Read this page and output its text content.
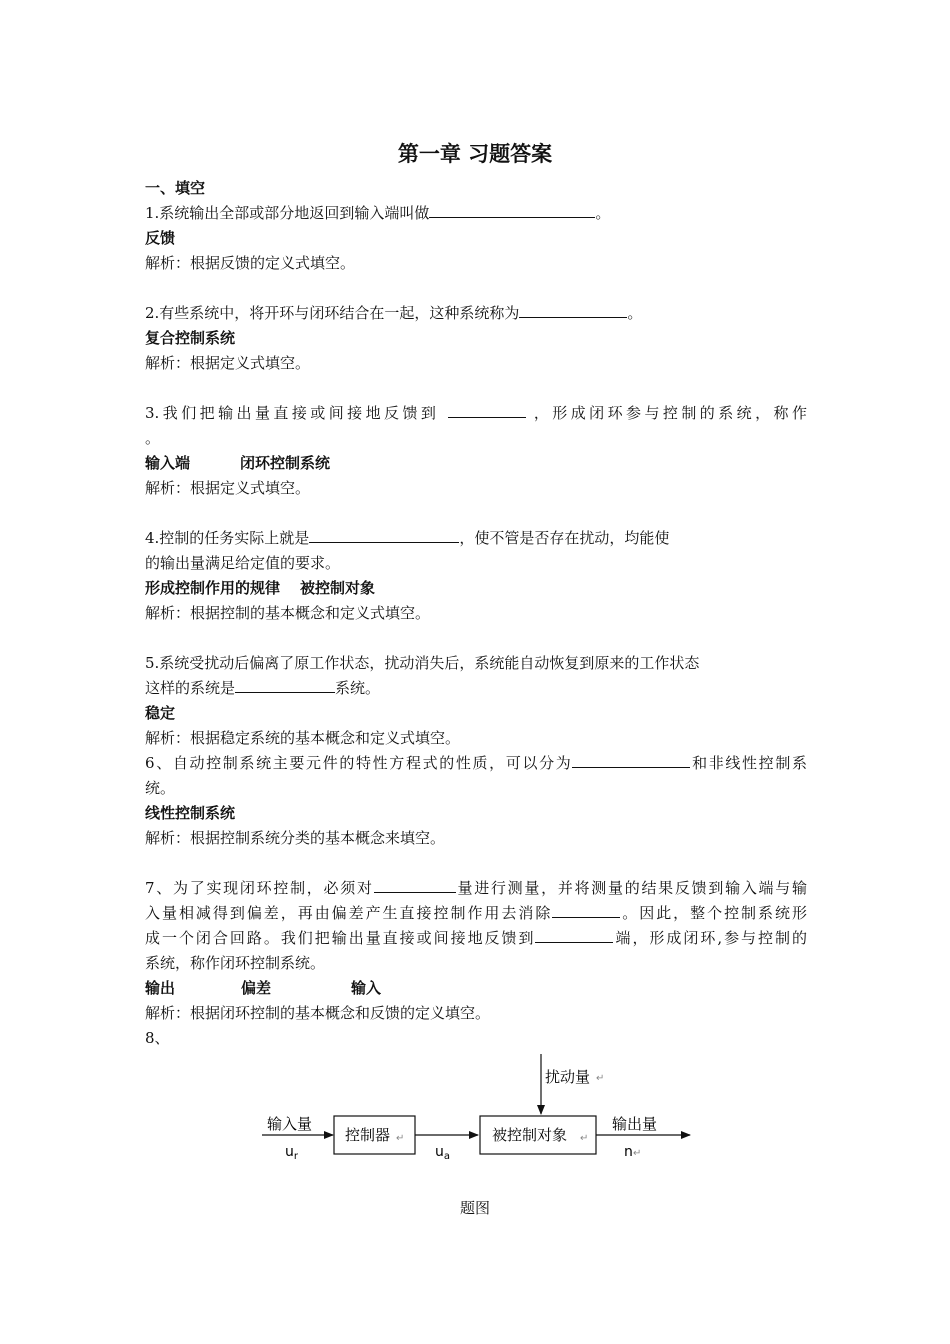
第一章 习题答案
一、填空
1.系统输出全部或部分地返回到输入端叫做	。
反馈
解析：根据反馈的定义式填空。
2.有些系统中，将开环与闭环结合在一起，这种系统称为	。
复合控制系统
解析：根据定义式填空。
3.我们把输出量直接或间接地反馈到	，形成闭环参与控制的系统，称作
。
输入端	闭环控制系统
解析：根据定义式填空。
4.控制的任务实际上就是	，使不管是否存在扰动，均能使
的输出量满足给定值的要求。
形成控制作用的规律 被控制对象
解析：根据控制的基本概念和定义式填空。
5.系统受扰动后偏离了原工作状态，扰动消失后，系统能自动恢复到原来的工作状态
这样的系统是	系统。
稳定
解析：根据稳定系统的基本概念和定义式填空。
6、自动控制系统主要元件的特性方程式的性质，可以分为	和非线性控制系
统。
线性控制系统
解析：根据控制系统分类的基本概念来填空。
7、为了实现闭环控制，必须对	量进行测量，并将测量的结果反馈到输入端与输
入量相减得到偏差，再由偏差产生直接控制作用去消除	。因此，整个控制系统形
成一个闭合回路。我们把输出量直接或间接地反馈到	端，形成闭环,参与控制的
系统，称作闭环控制系统。
输出	偏差	输入
解析：根据闭环控制的基本概念和反馈的定义填空。
8、
扰动量 ↵
输入量
$u_r$
控制器 ↵
$u_a$
被控制对象 ↵
输出量
n ↵
题图
